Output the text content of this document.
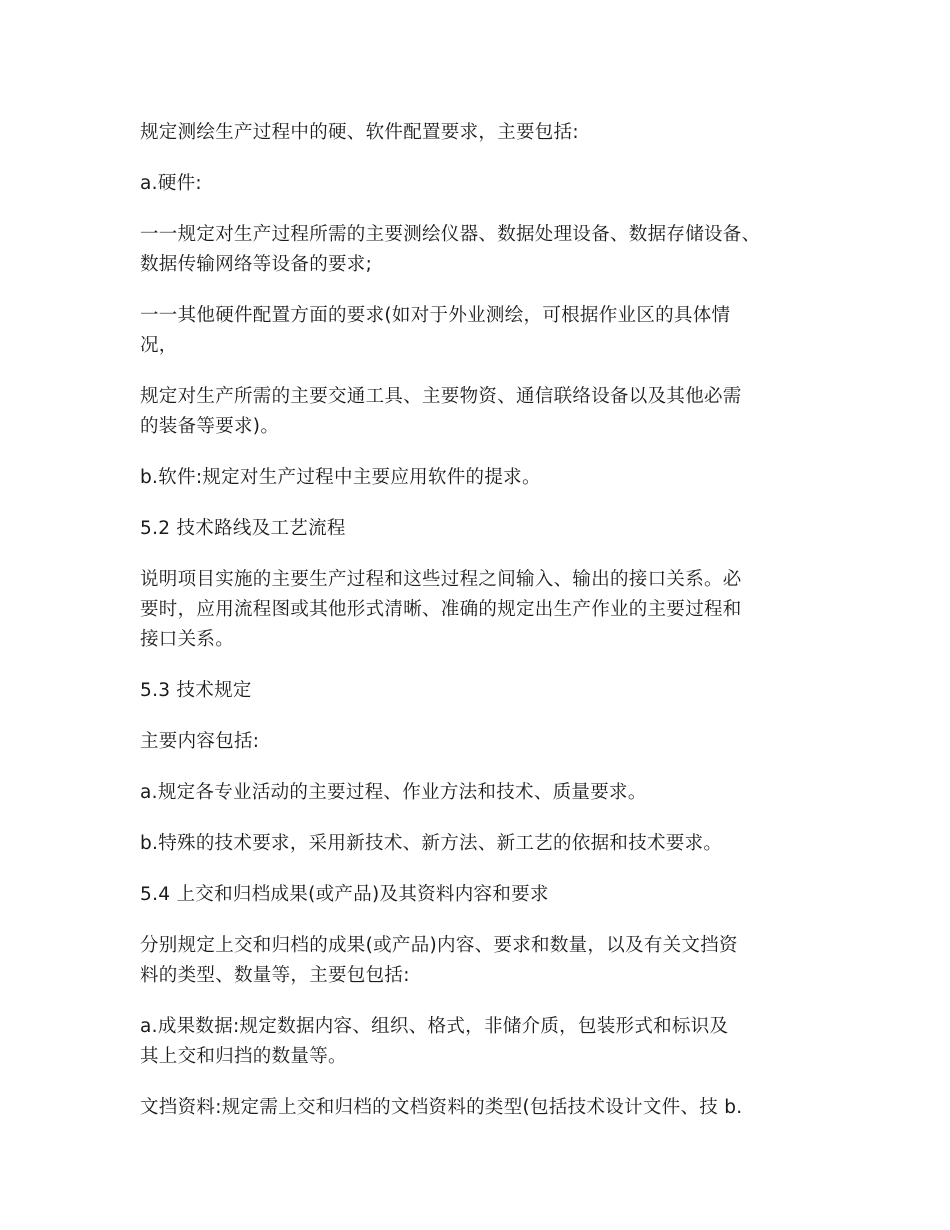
规定测绘生产过程中的硬、软件配置要求，主要包括:

a.硬件:

一一规定对生产过程所需的主要测绘仪器、数据处理设备、数据存储设备、
数据传输网络等设备的要求;

一一其他硬件配置方面的要求(如对于外业测绘，可根据作业区的具体情
况，

规定对生产所需的主要交通工具、主要物资、通信联络设备以及其他必需
的装备等要求)。

b.软件:规定对生产过程中主要应用软件的提求。

5.2 技术路线及工艺流程

说明项目实施的主要生产过程和这些过程之间输入、输出的接口关系。必
要时，应用流程图或其他形式清晰、准确的规定出生产作业的主要过程和
接口关系。

5.3 技术规定

主要内容包括:

a.规定各专业活动的主要过程、作业方法和技术、质量要求。

b.特殊的技术要求，采用新技术、新方法、新工艺的依据和技术要求。

5.4 上交和归档成果(或产品)及其资料内容和要求

分别规定上交和归档的成果(或产品)内容、要求和数量，以及有关文挡资
料的类型、数量等，主要包包括:

a.成果数据:规定数据内容、组织、格式，非储介质，包装形式和标识及
其上交和归挡的数量等。

文挡资料:规定需上交和归档的文档资料的类型(包括技术设计文件、技 b.
